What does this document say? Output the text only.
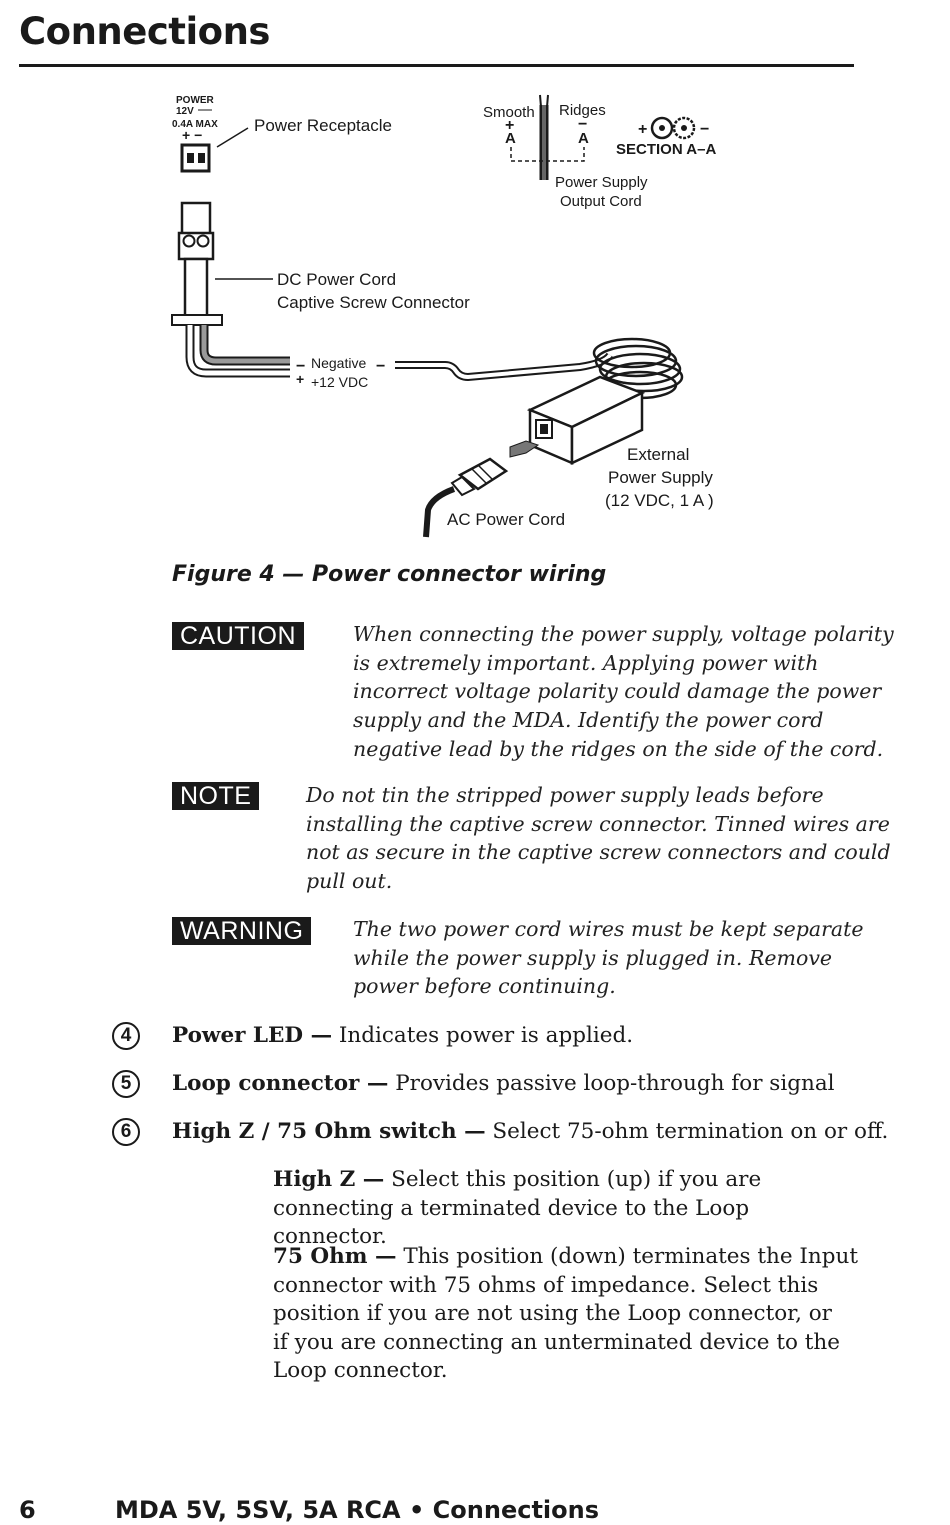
Connections
POWER
12V
0.4A MAX
+ −	Power Receptacle
DC Power Cord
Captive Screw Connector
−
+
Negative
+12 VDC
−
External
Power Supply
(12 VDC, 1 A )
AC Power Cord
Smooth Ridges
+	−
A	A
Power Supply
Output Cord
+	−
SECTION A–A
Figure 4 — Power connector wiring
CAUTION	When connecting the power supply, voltage polarity
is extremely important. Applying power with
incorrect voltage polarity could damage the power
supply and the MDA. Identify the power cord
negative lead by the ridges on the side of the cord.
NOTE	Do not tin the stripped power supply leads before
installing the captive screw connector. Tinned wires are
not as secure in the captive screw connectors and could
pull out.
WARNING	The two power cord wires must be kept separate
while the power supply is plugged in. Remove
power before continuing.
4	Power LED — Indicates power is applied.
5	Loop connector — Provides passive loop-through for signal
6	High Z / 75 Ohm switch — Select 75-ohm termination on or off.
High Z — Select this position (up) if you are
connecting a terminated device to the Loop connector.
75 Ohm — This position (down) terminates the Input
connector with 75 ohms of impedance. Select this
position if you are not using the Loop connector, or
if you are connecting an unterminated device to the
Loop connector.
6	MDA 5V, 5SV, 5A RCA • Connections
